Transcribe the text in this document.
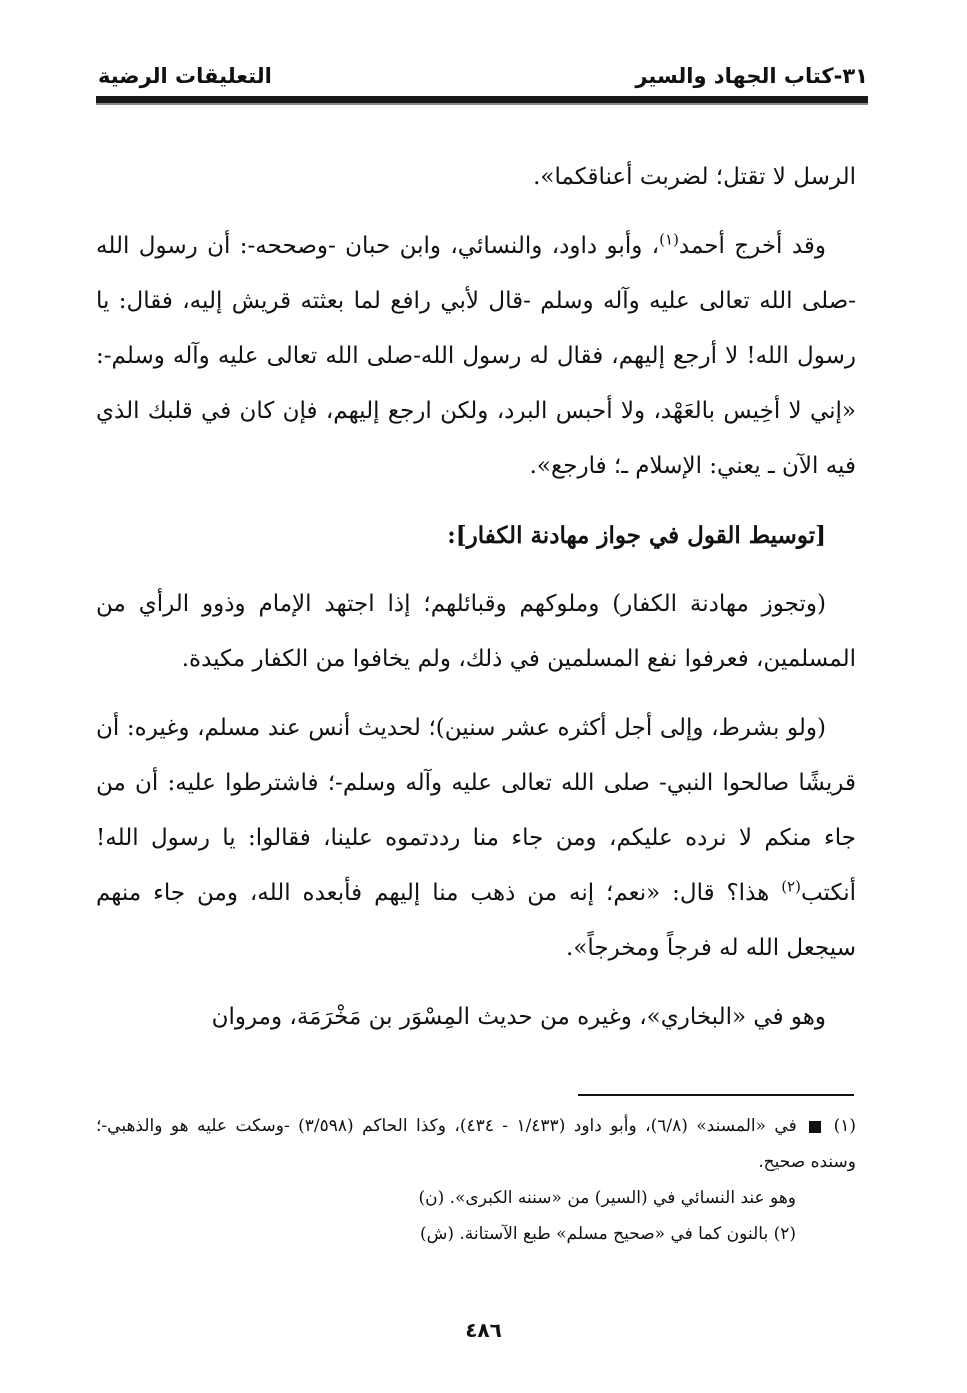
٣١-كتاب الجهاد والسير
التعليقات الرضية

الرسل لا تقتل؛ لضربت أعناقكما».

وقد أخرج أحمد$^{(١)}$، وأبو داود، والنسائي، وابن حبان -وصححه-: أن رسول الله -صلى الله تعالى عليه وآله وسلم -قال لأبي رافع لما بعثته قريش إليه، فقال: يا رسول الله! لا أرجع إليهم، فقال له رسول الله-صلى الله تعالى عليه وآله وسلم-: «إني لا أخِيس بالعَهْد، ولا أحبس البرد، ولكن ارجع إليهم، فإن كان في قلبك الذي فيه الآن ـ يعني: الإسلام ـ؛ فارجع».

[توسيط القول في جواز مهادنة الكفار]:

(وتجوز مهادنة الكفار) وملوكهم وقبائلهم؛ إذا اجتهد الإمام وذوو الرأي من المسلمين، فعرفوا نفع المسلمين في ذلك، ولم يخافوا من الكفار مكيدة.

(ولو بشرط، وإلى أجل أكثره عشر سنين)؛ لحديث أنس عند مسلم، وغيره: أن قريشًا صالحوا النبي- صلى الله تعالى عليه وآله وسلم-؛ فاشترطوا عليه: أن من جاء منكم لا نرده عليكم، ومن جاء منا رددتموه علينا، فقالوا: يا رسول الله! أنكتب$^{(٢)}$ هذا؟ قال: «نعم؛ إنه من ذهب منا إليهم فأبعده الله، ومن جاء منهم سيجعل الله له فرجاً ومخرجاً».

وهو في «البخاري»، وغيره من حديث المِسْوَر بن مَخْرَمَة، ومروان

(١)  في «المسند» (٦/٨)، وأبو داود (١/٤٣٣ - ٤٣٤)، وكذا الحاكم (٣/٥٩٨) -وسكت عليه هو والذهبي-؛ وسنده صحيح.

وهو عند النسائي في (السير) من «سننه الكبرى». (ن)

(٢) بالنون كما في «صحيح مسلم» طبع الآستانة. (ش)

٤٨٦
